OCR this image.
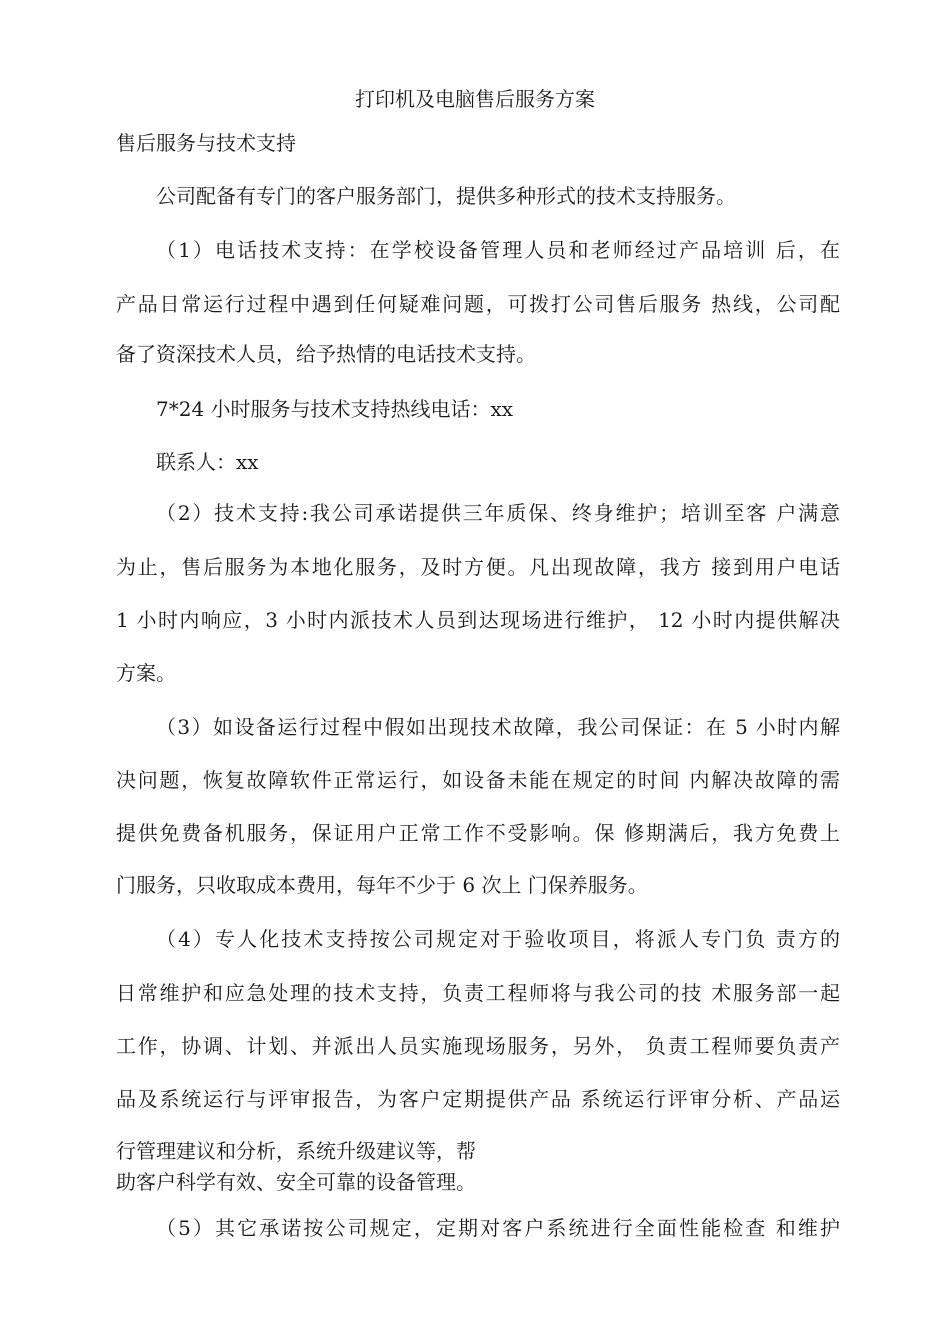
打印机及电脑售后服务方案
售后服务与技术支持
公司配备有专门的客户服务部门，提供多种形式的技术支持服务。
（1）电话技术支持：在学校设备管理人员和老师经过产品培训 后，在
产品日常运行过程中遇到任何疑难问题，可拨打公司售后服务 热线，公司配
备了资深技术人员，给予热情的电话技术支持。
7*24 小时服务与技术支持热线电话：xx
联系人：xx
（2）技术支持:我公司承诺提供三年质保、终身维护；培训至客 户满意
为止，售后服务为本地化服务，及时方便。凡出现故障，我方 接到用户电话
1 小时内响应，3 小时内派技术人员到达现场进行维护， 12 小时内提供解决
方案。
（3）如设备运行过程中假如出现技术故障，我公司保证：在 5 小时内解
决问题，恢复故障软件正常运行，如设备未能在规定的时间 内解决故障的需
提供免费备机服务，保证用户正常工作不受影响。保 修期满后，我方免费上
门服务，只收取成本费用，每年不少于 6 次上 门保养服务。
（4）专人化技术支持按公司规定对于验收项目，将派人专门负 责方的
日常维护和应急处理的技术支持，负责工程师将与我公司的技 术服务部一起
工作，协调、计划、并派出人员实施现场服务，另外， 负责工程师要负责产
品及系统运行与评审报告，为客户定期提供产品 系统运行评审分析、产品运
行管理建议和分析，系统升级建议等，帮
助客户科学有效、安全可靠的设备管理。
（5）其它承诺按公司规定，定期对客户系统进行全面性能检查 和维护
